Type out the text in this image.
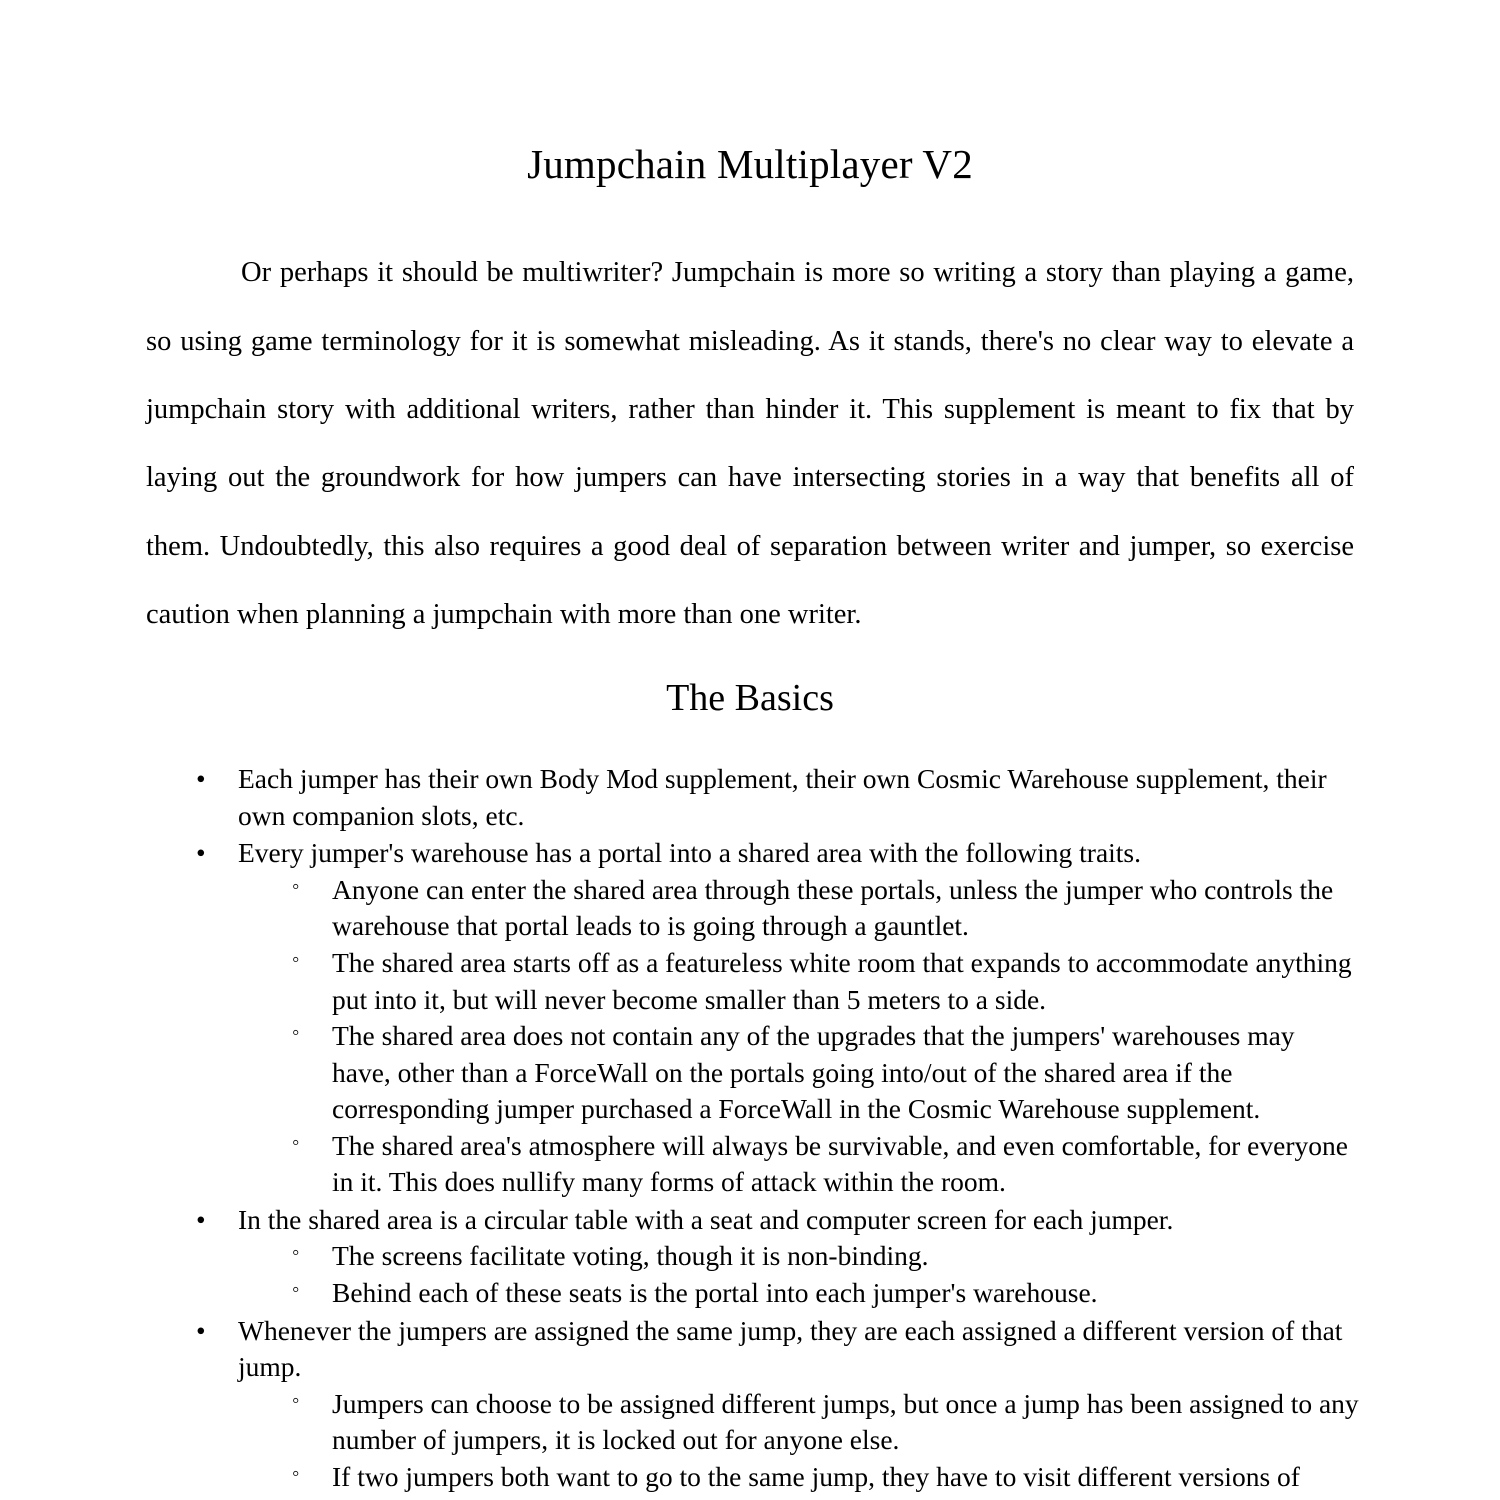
Jumpchain Multiplayer V2

Or perhaps it should be multiwriter? Jumpchain is more so writing a story than playing a game, so using game terminology for it is somewhat misleading. As it stands, there's no clear way to elevate a jumpchain story with additional writers, rather than hinder it. This supplement is meant to fix that by laying out the groundwork for how jumpers can have intersecting stories in a way that benefits all of them. Undoubtedly, this also requires a good deal of separation between writer and jumper, so exercise caution when planning a jumpchain with more than one writer.

The Basics
• Each jumper has their own Body Mod supplement, their own Cosmic Warehouse supplement, their own companion slots, etc.
• Every jumper's warehouse has a portal into a shared area with the following traits.
◦ Anyone can enter the shared area through these portals, unless the jumper who controls the warehouse that portal leads to is going through a gauntlet.
◦ The shared area starts off as a featureless white room that expands to accommodate anything put into it, but will never become smaller than 5 meters to a side.
◦ The shared area does not contain any of the upgrades that the jumpers' warehouses may have, other than a ForceWall on the portals going into/out of the shared area if the corresponding jumper purchased a ForceWall in the Cosmic Warehouse supplement.
◦ The shared area's atmosphere will always be survivable, and even comfortable, for everyone in it. This does nullify many forms of attack within the room.
• In the shared area is a circular table with a seat and computer screen for each jumper.
◦ The screens facilitate voting, though it is non-binding.
◦ Behind each of these seats is the portal into each jumper's warehouse.
• Whenever the jumpers are assigned the same jump, they are each assigned a different version of that jump.
◦ Jumpers can choose to be assigned different jumps, but once a jump has been assigned to any number of jumpers, it is locked out for anyone else.
◦ If two jumpers both want to go to the same jump, they have to visit different versions of
